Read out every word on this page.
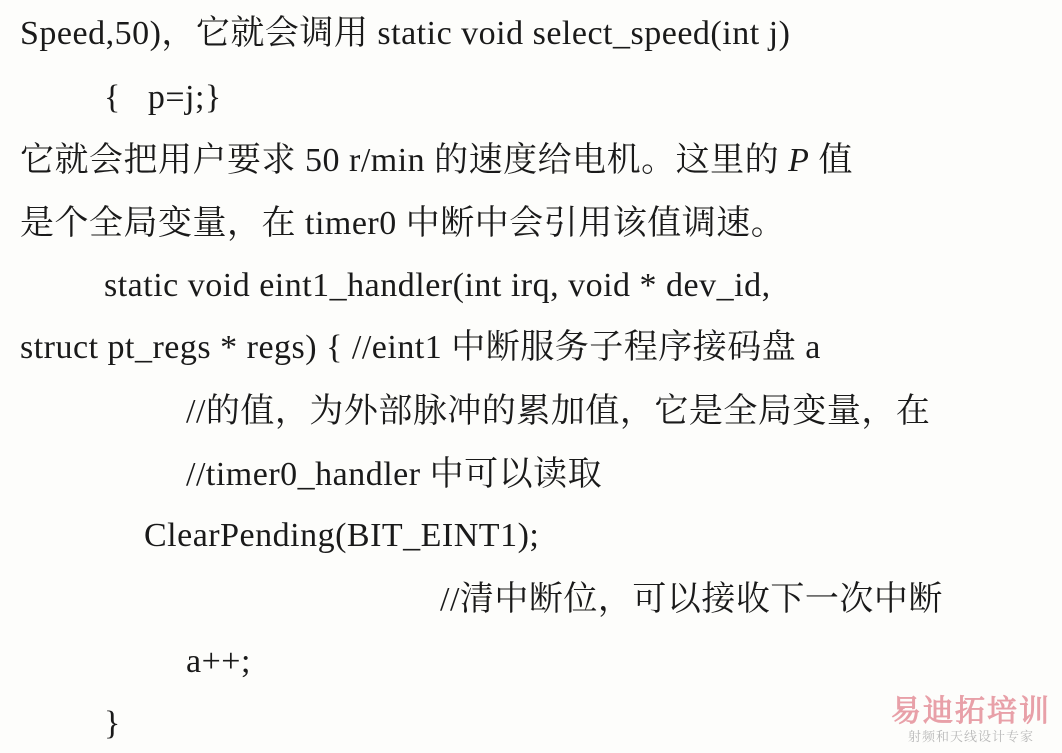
Speed,50)，它就会调用 static void select_speed(int j)
{   p=j;}
它就会把用户要求 50 r/min 的速度给电机。这里的 P 值
是个全局变量，在 timer0 中断中会引用该值调速。
static void eint1_handler(int irq, void * dev_id,
struct pt_regs * regs) { //eint1 中断服务子程序接码盘 a
//的值，为外部脉冲的累加值，它是全局变量，在
//timer0_handler 中可以读取
ClearPending(BIT_EINT1);
//清中断位，可以接收下一次中断
a++;
}	易迪拓培训
射频和天线设计专家
